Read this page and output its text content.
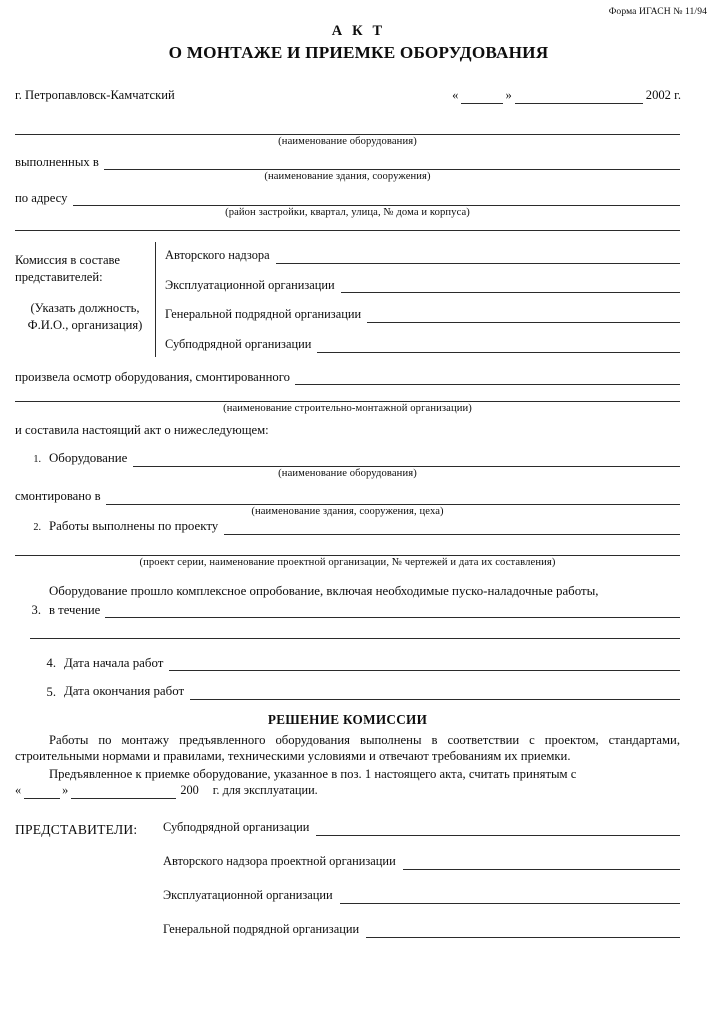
Форма ИГАСН № 11/94
А К Т
О МОНТАЖЕ И ПРИЕМКЕ ОБОРУДОВАНИЯ
г. Петропавловск-Камчатский	«	»	2002 г.
(наименование оборудования)
выполненных в
(наименование здания, сооружения)
по адресу
(район застройки, квартал, улица, № дома и корпуса)
Комиссия в составе
представителей:
(Указать должность,
Ф.И.О., организация)
Авторского надзора
Эксплуатационной организации
Генеральной подрядной организации
Субподрядной организации
произвела осмотр оборудования, смонтированного
(наименование строительно-монтажной организации)
и составила настоящий акт о нижеследующем:
1. Оборудование
(наименование оборудования)
смонтировано в
(наименование здания, сооружения, цеха)
2. Работы выполнены по проекту
(проект серии, наименование проектной организации, № чертежей и дата их составления)
3.
Оборудование прошло комплексное опробование, включая необходимые пуско-наладочные работы,
в течение
4. Дата начала работ
5. Дата окончания работ
РЕШЕНИЕ КОМИССИИ
Работы по монтажу предъявленного оборудования выполнены в соответствии с проектом, стандартами, строительными нормами и правилами, техническими условиями и отвечают требованиям их приемки.
Предъявленное к приемке оборудование, указанное в поз. 1 настоящего акта, считать принятым с
«	»	200	г. для эксплуатации.
ПРЕДСТАВИТЕЛИ:	Субподрядной организации
Авторского надзора проектной организации
Эксплуатационной организации
Генеральной подрядной организации
